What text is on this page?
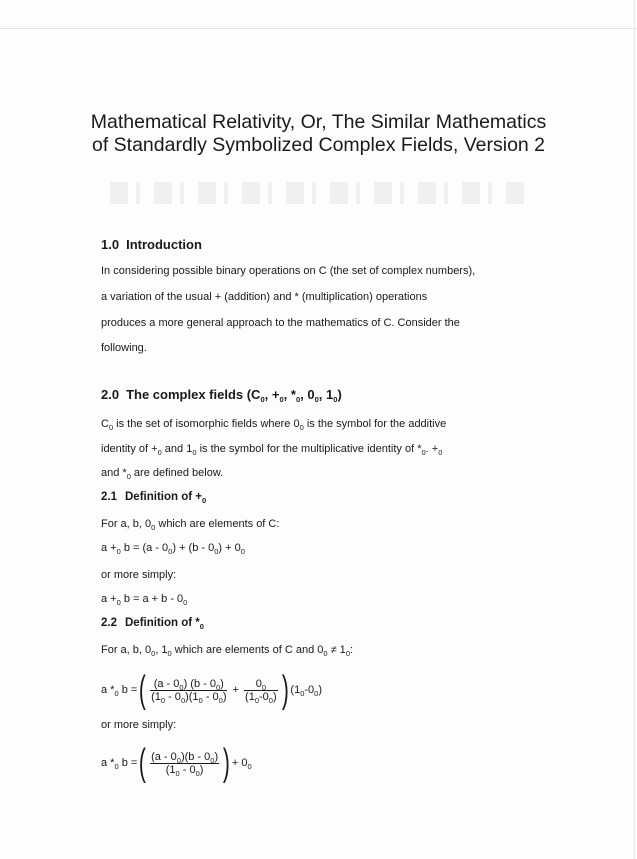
Mathematical Relativity, Or, The Similar Mathematics
of Standardly Symbolized Complex Fields, Version 2
1.0 Introduction
In considering possible binary operations on C (the set of complex numbers),
a variation of the usual + (addition) and * (multiplication) operations
produces a more general approach to the mathematics of C. Consider the
following.
2.0 The complex fields ($C_0$, $+_0$, $*_0$, $0_0$, $1_0$)
$C_0$ is the set of isomorphic fields where $0_0$ is the symbol for the additive
identity of $+_0$ and $1_0$ is the symbol for the multiplicative identity of $*_0$. $+_0$
and $*_0$ are defined below.
2.1 Definition of $+_0$
For a, b, $0_0$ which are elements of C:
$a +_0$ $b = (a - 0_0) + (b - 0_0) + 0_0$
or more simply:
$a +_0$ $b = a + b - 0_0$
2.2 Definition of $*_0$
For a, b, $0_0$, $1_0$ which are elements of C and $0_0 \ne 1_0$:
a $*_0$ b = ( $\frac{(a - 0_0) (b - 0_0)}{(1_0 - 0_0)(1_0 - 0_0)} + \frac{0_0}{(1_0-0_0)}$ ) $(1_0-0_0)$
or more simply:
a $*_0$ b = ( $\frac{(a - 0_0)(b - 0_0)}{(1_0 - 0_0)}$ ) + $0_0$
